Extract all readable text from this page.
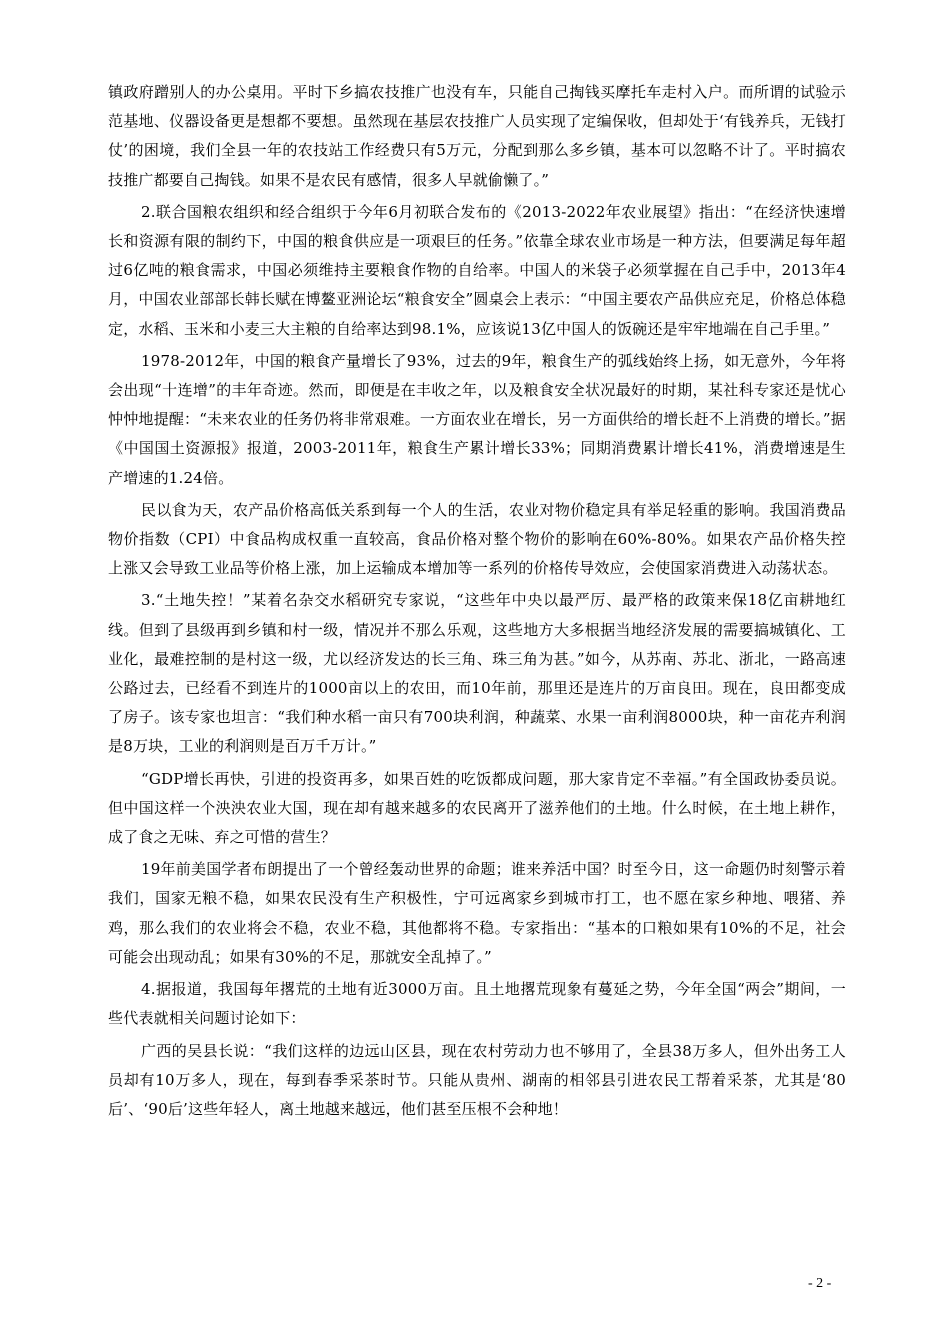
镇政府蹭别人的办公桌用。平时下乡搞农技推广也没有车，只能自己掏钱买摩托车走村入户。而所谓的试验示范基地、仪器设备更是想都不要想。虽然现在基层农技推广人员实现了定编保收，但却处于‘有钱养兵，无钱打仗’的困境，我们全县一年的农技站工作经费只有5万元，分配到那么多乡镇，基本可以忽略不计了。平时搞农技推广都要自己掏钱。如果不是农民有感情，很多人早就偷懒了。”

2.联合国粮农组织和经合组织于今年6月初联合发布的《2013-2022年农业展望》指出：“在经济快速增长和资源有限的制约下，中国的粮食供应是一项艰巨的任务。”依靠全球农业市场是一种方法，但要满足每年超过6亿吨的粮食需求，中国必须维持主要粮食作物的自给率。中国人的米袋子必须掌握在自己手中，2013年4月，中国农业部部长韩长赋在博鳌亚洲论坛“粮食安全”圆桌会上表示：“中国主要农产品供应充足，价格总体稳定，水稻、玉米和小麦三大主粮的自给率达到98.1%，应该说13亿中国人的饭碗还是牢牢地端在自己手里。”

1978-2012年，中国的粮食产量增长了93%，过去的9年，粮食生产的弧线始终上扬，如无意外，今年将会出现“十连增”的丰年奇迹。然而，即便是在丰收之年，以及粮食安全状况最好的时期，某社科专家还是忧心忡忡地提醒：“未来农业的任务仍将非常艰难。一方面农业在增长，另一方面供给的增长赶不上消费的增长。”据《中国国土资源报》报道，2003-2011年，粮食生产累计增长33%；同期消费累计增长41%，消费增速是生产增速的1.24倍。

民以食为天，农产品价格高低关系到每一个人的生活，农业对物价稳定具有举足轻重的影响。我国消费品物价指数（CPI）中食品构成权重一直较高，食品价格对整个物价的影响在60%-80%。如果农产品价格失控上涨又会导致工业品等价格上涨，加上运输成本增加等一系列的价格传导效应，会使国家消费进入动荡状态。

3.“土地失控！”某着名杂交水稻研究专家说，“这些年中央以最严厉、最严格的政策来保18亿亩耕地红线。但到了县级再到乡镇和村一级，情况并不那么乐观，这些地方大多根据当地经济发展的需要搞城镇化、工业化，最难控制的是村这一级，尤以经济发达的长三角、珠三角为甚。”如今，从苏南、苏北、浙北，一路高速公路过去，已经看不到连片的1000亩以上的农田，而10年前，那里还是连片的万亩良田。现在，良田都变成了房子。该专家也坦言：“我们种水稻一亩只有700块利润，种蔬菜、水果一亩利润8000块，种一亩花卉利润是8万块，工业的利润则是百万千万计。”

“GDP增长再快，引进的投资再多，如果百姓的吃饭都成问题，那大家肯定不幸福。”有全国政协委员说。但中国这样一个泱泱农业大国，现在却有越来越多的农民离开了滋养他们的土地。什么时候，在土地上耕作，成了食之无味、弃之可惜的营生？

19年前美国学者布朗提出了一个曾经轰动世界的命题；谁来养活中国？时至今日，这一命题仍时刻警示着我们，国家无粮不稳，如果农民没有生产积极性，宁可远离家乡到城市打工，也不愿在家乡种地、喂猪、养鸡，那么我们的农业将会不稳，农业不稳，其他都将不稳。专家指出：“基本的口粮如果有10%的不足，社会可能会出现动乱；如果有30%的不足，那就安全乱掉了。”

4.据报道，我国每年撂荒的土地有近3000万亩。且土地撂荒现象有蔓延之势，今年全国“两会”期间，一些代表就相关问题讨论如下：

广西的吴县长说：“我们这样的边远山区县，现在农村劳动力也不够用了，全县38万多人，但外出务工人员却有10万多人，现在，每到春季采茶时节。只能从贵州、湖南的相邻县引进农民工帮着采茶，尤其是‘80后’、‘90后’这些年轻人，离土地越来越远，他们甚至压根不会种地！

- 2 -
